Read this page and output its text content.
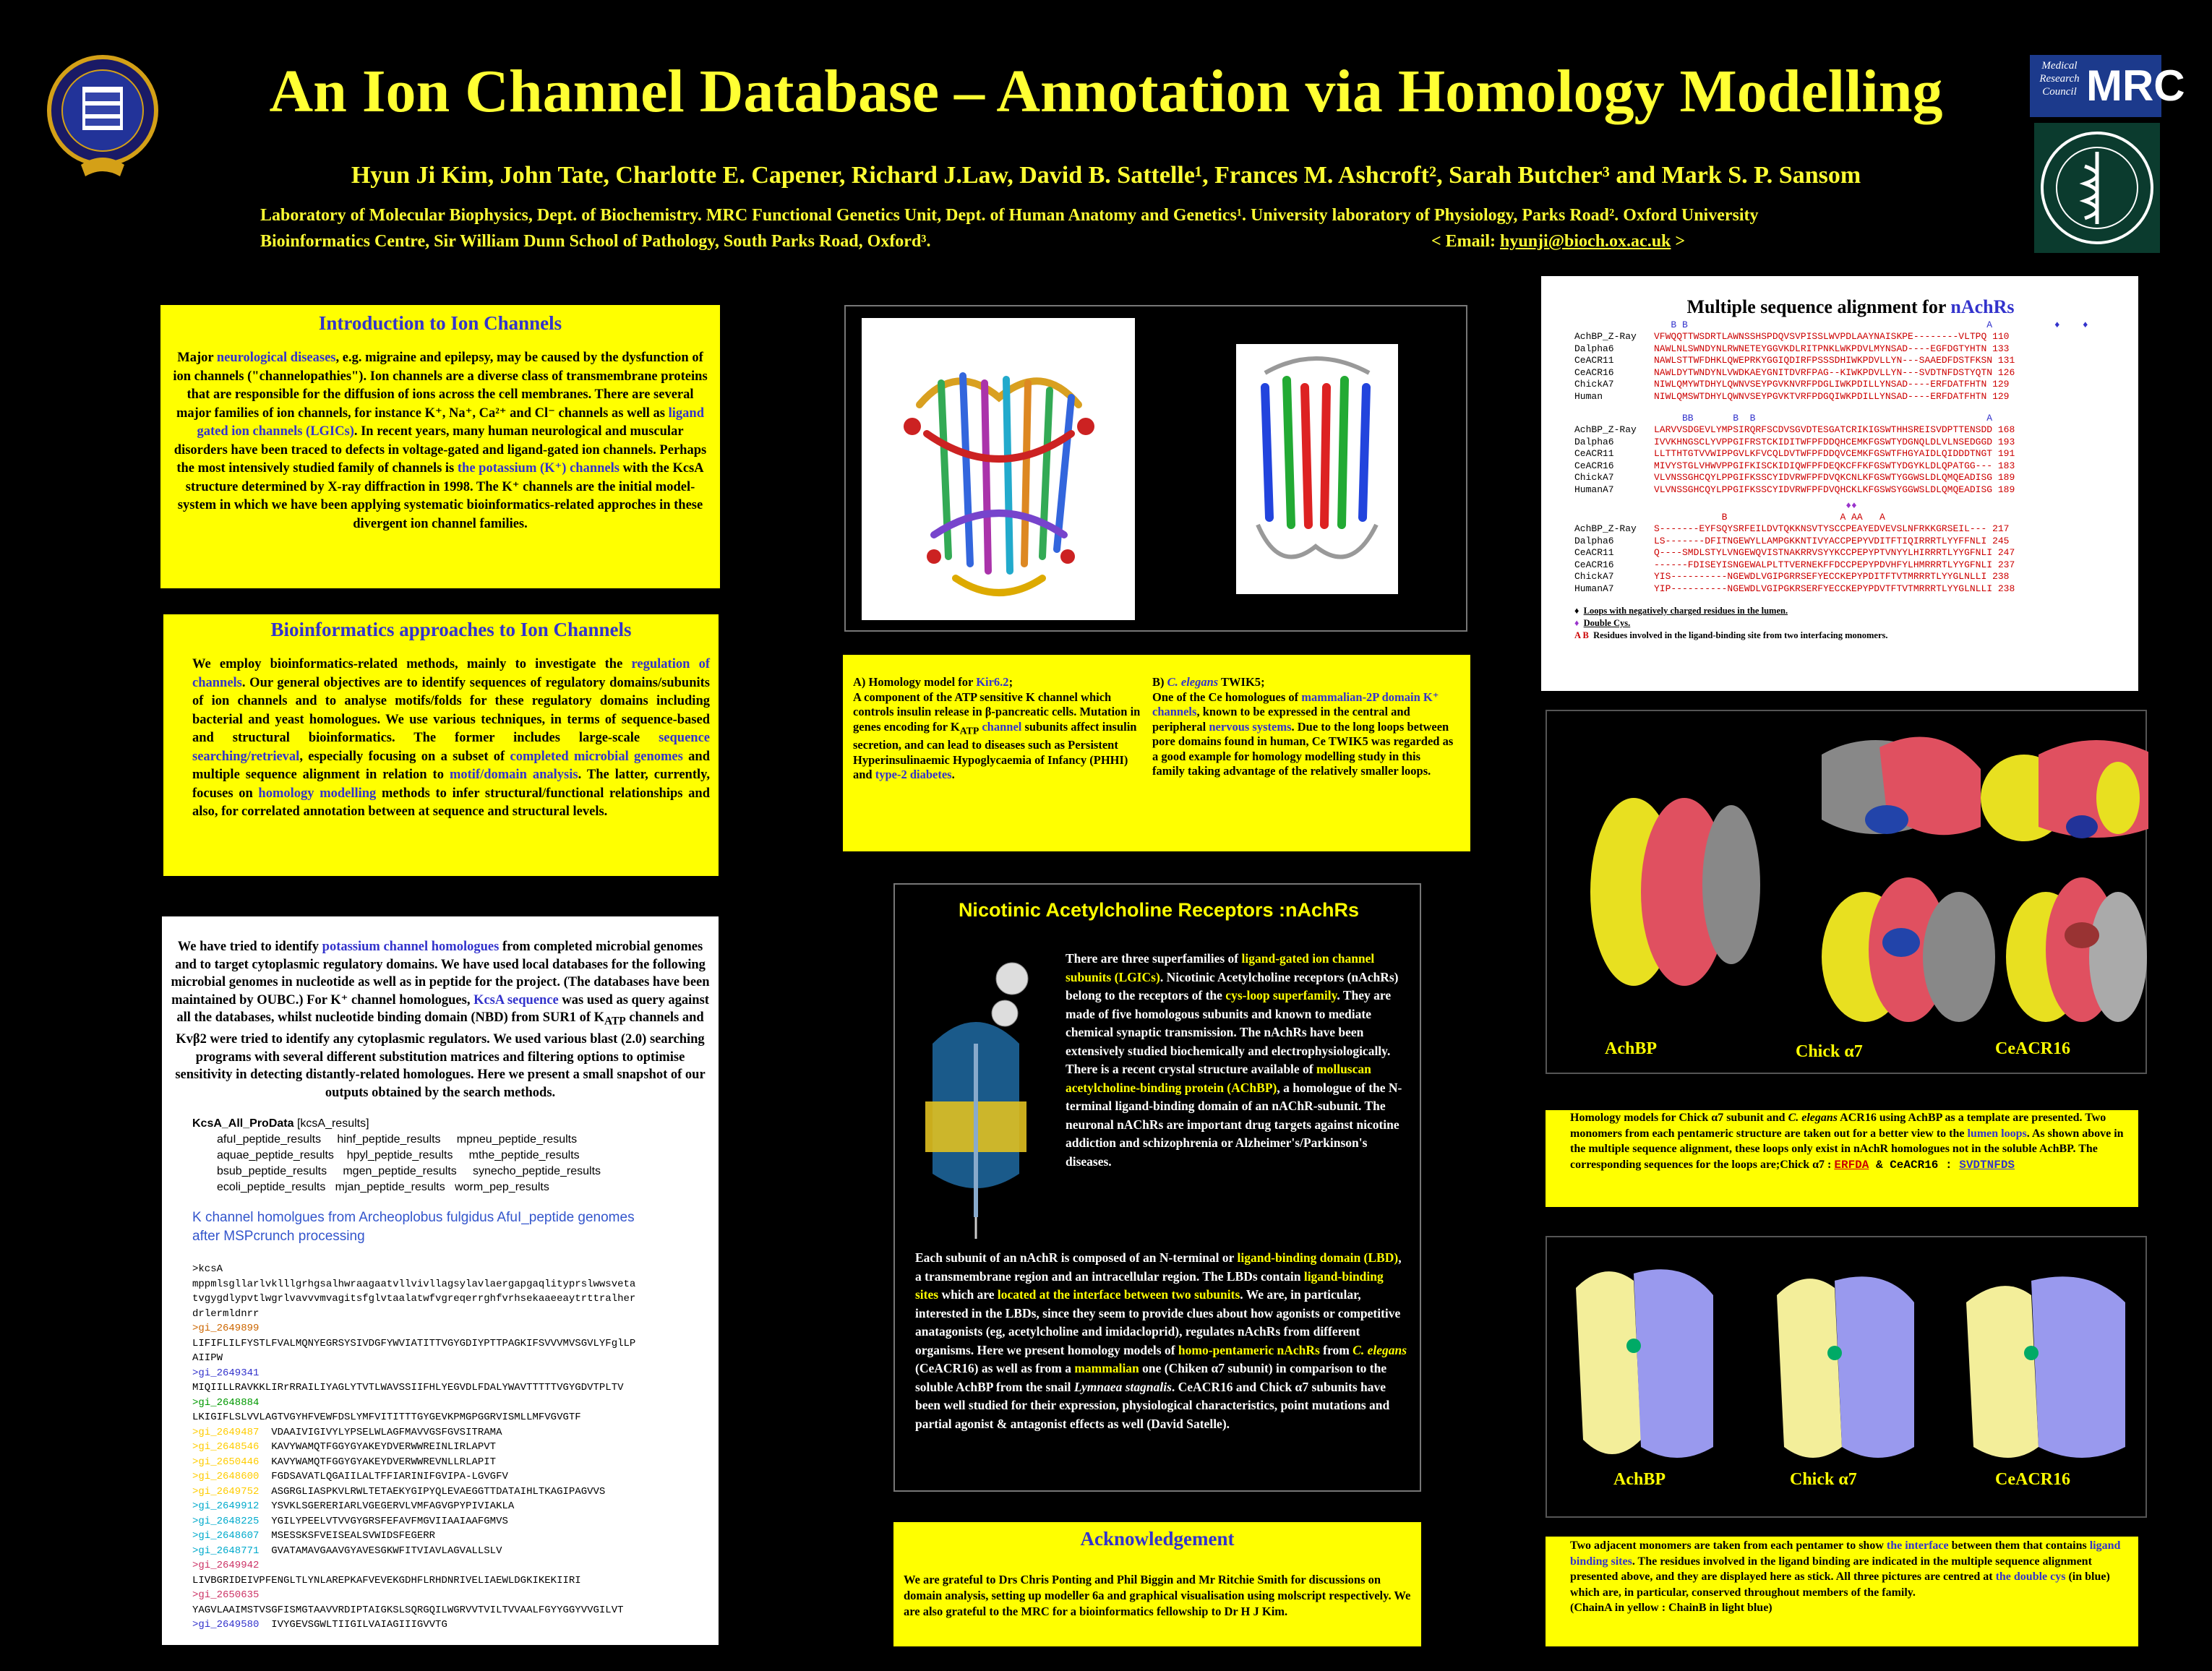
An Ion Channel Database – Annotation via Homology Modelling
Hyun Ji Kim, John Tate, Charlotte E. Capener, Richard J.Law, David B. Sattelle¹, Frances M. Ashcroft², Sarah Butcher³ and Mark S. P. Sansom
Laboratory of Molecular Biophysics, Dept. of Biochemistry. MRC Functional Genetics Unit, Dept. of Human Anatomy and Genetics¹. University laboratory of Physiology, Parks Road². Oxford University
Bioinformatics Centre, Sir William Dunn School of Pathology, South Parks Road, Oxford³.	< Email: hyunji@bioch.ox.ac.uk >
Medical Research Council MRC
Introduction to Ion Channels
Major neurological diseases, e.g. migraine and epilepsy, may be caused by the dysfunction of ion channels ("channelopathies"). Ion channels are a diverse class of transmembrane proteins that are responsible for the diffusion of ions across the cell membranes. There are several major families of ion channels, for instance K⁺, Na⁺, Ca²⁺ and Cl⁻ channels as well as ligand gated ion channels (LGICs). In recent years, many human neurological and muscular disorders have been traced to defects in voltage-gated and ligand-gated ion channels. Perhaps the most intensively studied family of channels is the potassium (K⁺) channels with the KcsA structure determined by X-ray diffraction in 1998. The K⁺ channels are the initial model-system in which we have been applying systematic bioinformatics-related approches in these divergent ion channel families.
Bioinformatics approaches to Ion Channels
We employ bioinformatics-related methods, mainly to investigate the regulation of channels. Our general objectives are to identify sequences of regulatory domains/subunits of ion channels and to analyse motifs/folds for these regulatory domains including bacterial and yeast homologues. We use various techniques, in terms of sequence-based and structural bioinformatics. The former includes large-scale sequence searching/retrieval, especially focusing on a subset of completed microbial genomes and multiple sequence alignment in relation to motif/domain analysis. The latter, currently, focuses on homology modelling methods to infer structural/functional relationships and also, for correlated annotation between at sequence and structural levels.
We have tried to identify potassium channel homologues from completed microbial genomes and to target cytoplasmic regulatory domains. We have used local databases for the following microbial genomes in nucleotide as well as in peptide for the project. (The databases have been maintained by OUBC.) For K⁺ channel homologues, KcsA sequence was used as query against all the databases, whilst nucleotide binding domain (NBD) from SUR1 of $K_{ATP}$ channels and Kvβ2 were tried to identify any cytoplasmic regulators. We used various blast (2.0) searching programs with several different substitution matrices and filtering options to optimise sensitivity in detecting distantly-related homologues. Here we present a small snapshot of our outputs obtained by the search methods.
KcsA_All_ProData [kcsA_results]
afuI_peptide_results     hinf_peptide_results     mpneu_peptide_results
aquae_peptide_results    hpyl_peptide_results     mthe_peptide_results
bsub_peptide_results     mgen_peptide_results     synecho_peptide_results
ecoli_peptide_results   mjan_peptide_results   worm_pep_results
K channel homolgues from Archeoplobus fulgidus AfuI_peptide genomes
after MSPcrunch processing
>kcsA
mppmlsgllarlvklllgrhgsalhwraagaatvllvivllagsylavlaergapgaqlityprslwwsveta
tvgygdlypvtlwgrlvavvvmvagitsfglvtaalatwfvgreqerrghfvrhsekaaeeaytrttralher
drlermldnrr
>gi_2649899
LIFIFLILFYSTLFVALMQNYEGRSYSIVDGFYWVIATITTVGYGDIYPTTPAGKIFSVVVMVSGVLYFglLP
AIIPW
>gi_2649341
MIQIILLRAVKKLIRrRRAILIYAGLYTVTLWAVSSIIFHLYEGVDLFDALYWAVTTTTTVGYGDVTPLTV
>gi_2648884
LKIGIFLSLVVLAGTVGYHFVEWFDSLYMFVITITTTGYGEVKPMGPGGRVISMLLMFVGVGTF
>gi_2649487  VDAAIVIGIVYLYPSELWLAGFMAVVGSFGVSITRAMA
>gi_2648546  KAVYWAMQTFGGYGYAKEYDVERWWREINLIRLAPVT
>gi_2650446  KAVYWAMQTFGGYGYAKEYDVERWWREVNLLRLAPIT
>gi_2648600  FGDSAVATLQGAIILALTFFIARINIFGVIPA-LGVGFV
>gi_2649752  ASGRGLIASPKVLRWLTETAEKYGIPYQLEVAEGGTTDATAIHLTKAGIPAGVVS
>gi_2649912  YSVKLSGERERIARLVGEGERVLVMFAGVGPYPIVIAKLA
>gi_2648225  YGILYPEELVTVVGYGRSFEFAVFMGVIIAAIAAFGMVS
>gi_2648607  MSESSKSFVEISEALSVWIDSFEGERR
>gi_2648771  GVATAMAVGAAVGYAVESGKWFITVIAVLAGVALLSLV
>gi_2649942
LIVBGRIDEIVPFENGLTLYNLAREPKAFVEVEKGDHFLRHDNRIVELIAEWLDGKIKEKIIRI
>gi_2650635
YAGVLAAIMSTVSGFISMGTAAVVRDIPTAIGKSLSQRGQILWGRVVTVILTVVAALFGYYGGYVVGILVT
>gi_2649580  IVYGEVSGWLTIIGILVAIAGIIIGVVTG
A) Homology model for Kir6.2;
A component of the ATP sensitive K channel which controls insulin release in β-pancreatic cells. Mutation in genes encoding for $K_{ATP}$ channel subunits affect insulin secretion, and can lead to diseases such as Persistent Hyperinsulinaemic Hypoglycaemia of Infancy (PHHI) and type-2 diabetes.
B) C. elegans TWIK5;
One of the Ce homologues of mammalian-2P domain K⁺ channels, known to be expressed in the central and peripheral nervous systems. Due to the long loops between pore domains found in human, Ce TWIK5 was regarded as a good example for homology modelling study in this family taking advantage of the relatively smaller loops.
Nicotinic Acetylcholine Receptors :nAchRs
There are three superfamilies of ligand-gated ion channel subunits (LGICs). Nicotinic Acetylcholine receptors (nAchRs) belong to the receptors of the cys-loop superfamily. They are made of five homologous subunits and known to mediate chemical synaptic transmission. The nAchRs have been extensively studied biochemically and electrophysiologically. There is a recent crystal structure available of molluscan acetylcholine-binding protein (AChBP), a homologue of the N-terminal ligand-binding domain of an nAChR-subunit. The neuronal nAChRs are important drug targets against nicotine addiction and schizophrenia or Alzheimer's/Parkinson's diseases.
Each subunit of an nAchR is composed of an N-terminal or ligand-binding domain (LBD), a transmembrane region and an intracellular region. The LBDs contain ligand-binding sites which are located at the interface between two subunits. We are, in particular, interested in the LBDs, since they seem to provide clues about how agonists or competitive anatagonists (eg, acetylcholine and imidacloprid), regulates nAchRs from different organisms. Here we present homology models of homo-pentameric nAchRs from C. elegans (CeACR16) as well as from a mammalian one (Chiken α7 subunit) in comparison to the soluble AchBP from the snail Lymnaea stagnalis. CeACR16 and Chick α7 subunits have been well studied for their expression, physiological characteristics, point mutations and partial agonist & antagonist effects as well (David Satelle).
Acknowledgement
We are grateful to Drs Chris Ponting and Phil Biggin and Mr Ritchie Smith for discussions on domain analysis, setting up modeller 6a and graphical visualisation using molscript respectively. We are also grateful to the MRC for a bioinformatics fellowship to Dr H J Kim.
Multiple sequence alignment for nAchRs
B B                                                     A           ♦    ♦
AchBP_Z-Ray VFWQQTTWSDRTLAWNSSHSPDQVSVPISSLWVPDLAAYNAISKPE--------VLTPQ 110
Dalpha6	NAWLNLSWNDYNLRWNETEYGGVKDLRITPNKLWKPDVLMYNSAD----EGFDGTYHTN 133
CeACR11	NAWLSTTWFDHKLQWEPRKYGGIQDIRFPSSSDHIWKPDVLLYN---SAAEDFDSTFKSN 131
CeACR16	NAWLDYTWNDYNLVWDKAEYGNITDVRFPAG--KIWKPDVLLYN---SVDTNFDSTYQTN 126
ChickA7	NIWLQMYWTDHYLQWNVSEYPGVKNVRFPDGLIWKPDILLYNSAD----ERFDATFHTN 129
Human	NIWLQMSWTDHYLQWNVSEYPGVKTVRFPDGQIWKPDILLYNSAD----ERFDATFHTN 129
BB       B  B                                         A
AchBP_Z-Ray LARVVSDGEVLYMPSIRQRFSCDVSGVDTESGATCRIKIGSWTHHSREISVDPTTENSDD 168
Dalpha6	IVVKHNGSCLYVPPGIFRSTCKIDITWFPFDDQHCEMKFGSWTYDGNQLDLVLNSEDGGD 193
CeACR11	LLTTHTGTVVWIPPGVLKFVCQLDVTWFPFDDQVCEMKFGSWTFHGYAIDLQIDDDTNGT 191
CeACR16	MIVYSTGLVHWVPPGIFKISCKIDIQWFPFDEQKCFFKFGSWTYDGYKLDLQPATGG--- 183
ChickA7	VLVNSSGHCQYLPPGIFKSSCYIDVRWFPFDVQKCNLKFGSWTYGGWSLDLQMQEADISG 189
HumanA7	VLVNSSGHCQYLPPGIFKSSCYIDVRWFPFDVQHCKLKFGSWSYGGWSLDLQMQEADISG 189
♦♦
B                    A AA   A
AchBP_Z-Ray S-------EYFSQYSRFEILDVTQKKNSVTYSCCPEAYEDVEVSLNFRKKGRSEIL--- 217
Dalpha6	LS-------DFITNGEWYLLAMPGKKNTIVYACCPEPYVDITFTIQIRRRTLYYFFNLI 245
CeACR11	Q----SMDLSTYLVNGEWQVISTNAKRRVSYYKCCPEPYPTVNYYLHIRRRTLYYGFNLI 247
CeACR16	------FDISEYISNGEWALPLTTVERNEKFFDCCPEPYPDVHFYLHMRRRTLYYGFNLI 237
ChickA7	YIS----------NGEWDLVGIPGRRSEFYECCKEPYPDITFTVTMRRRTLYYGLNLLI 238
HumanA7	YIP----------NGEWDLVGIPGKRSERFYECCKEPYPDVTFTVTMRRRTLYYGLNLLI 238
♦  Loops with negatively charged residues in the lumen.
♦  Double Cys.
A B Residues involved in the ligand-binding site from two interfacing monomers.
AchBP	Chick α7	CeACR16
Homology models for Chick α7 subunit and C. elegans ACR16 using AchBP as a template are presented. Two monomers from each pentameric structure are taken out for a better view to the lumen loops. As shown above in the multiple sequence alignment, these loops only exist in nAchR homologues not in the soluble AchBP. The corresponding sequences for the loops are;Chick α7 : ERFDA & CeACR16 : SVDTNFDS
AchBP	Chick α7	CeACR16
Two adjacent monomers are taken from each pentamer to show the interface between them that contains ligand binding sites. The residues involved in the ligand binding are indicated in the multiple sequence alignment presented above, and they are displayed here as stick. All three pictures are centred at the double cys (in blue) which are, in particular, conserved throughout members of the family.
(ChainA in yellow : ChainB in light blue)
